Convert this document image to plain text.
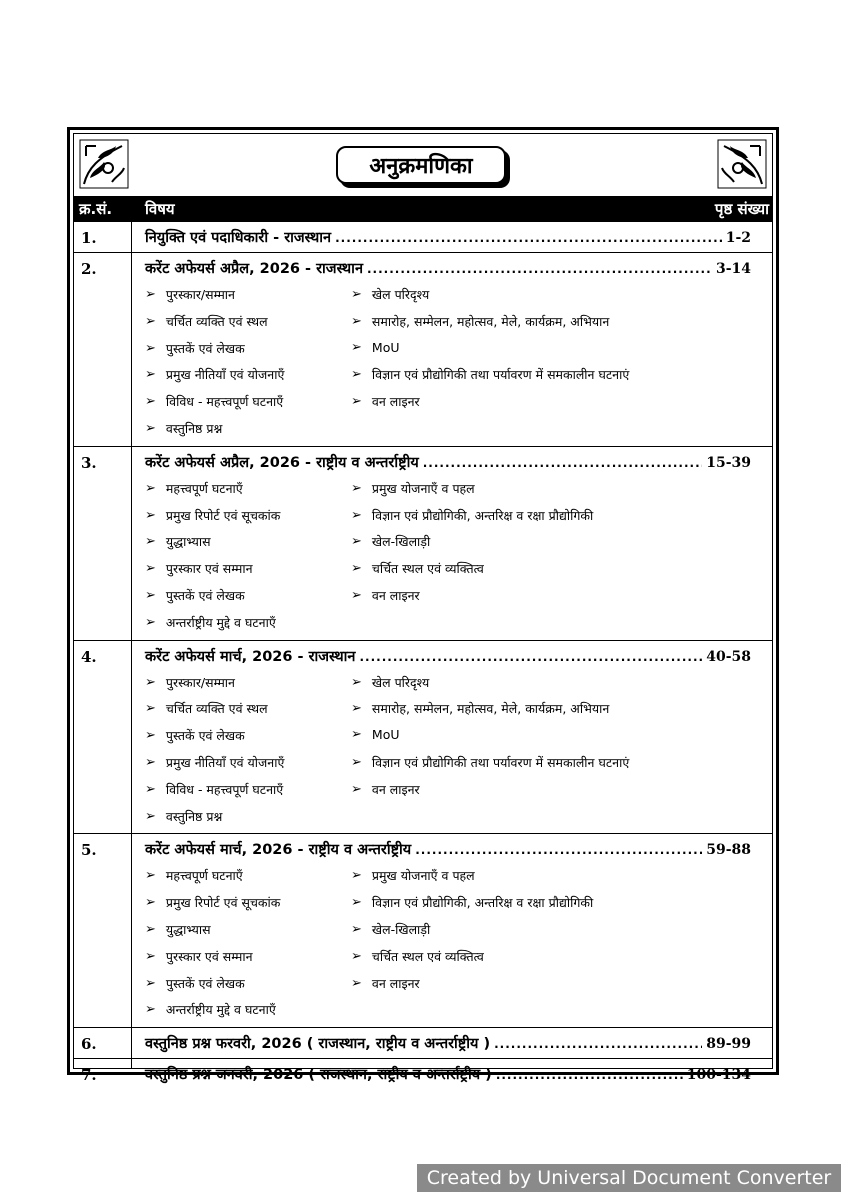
अनुक्रमणिका
क्र.सं. विषय	पृष्ठ संख्या
1.	नियुक्ति एवं पदाधिकारी - राजस्थान .....	1-2
2.	करेंट अफेयर्स अप्रैल, 2026 - राजस्थान .....	3-14
➢ पुरस्कार/सम्मान	➢ खेल परिदृश्य
➢ चर्चित व्यक्ति एवं स्थल	➢ समारोह, सम्मेलन, महोत्सव, मेले, कार्यक्रम, अभियान
➢ पुस्तकें एवं लेखक	➢ MoU
➢ प्रमुख नीतियाँ एवं योजनाएँ	➢ विज्ञान एवं प्रौद्योगिकी तथा पर्यावरण में समकालीन घटनाएं
➢ विविध - महत्त्वपूर्ण घटनाएँ	➢ वन लाइनर
➢ वस्तुनिष्ठ प्रश्न
3.	करेंट अफेयर्स अप्रैल, 2026 - राष्ट्रीय व अन्तर्राष्ट्रीय .....	15-39
➢ महत्त्वपूर्ण घटनाएँ	➢ प्रमुख योजनाएँ व पहल
➢ प्रमुख रिपोर्ट एवं सूचकांक	➢ विज्ञान एवं प्रौद्योगिकी, अन्तरिक्ष व रक्षा प्रौद्योगिकी
➢ युद्धाभ्यास	➢ खेल-खिलाड़ी
➢ पुरस्कार एवं सम्मान	➢ चर्चित स्थल एवं व्यक्तित्व
➢ पुस्तकें एवं लेखक	➢ वन लाइनर
➢ अन्तर्राष्ट्रीय मुद्दे व घटनाएँ
4.	करेंट अफेयर्स मार्च, 2026 - राजस्थान .....	40-58
➢ पुरस्कार/सम्मान	➢ खेल परिदृश्य
➢ चर्चित व्यक्ति एवं स्थल	➢ समारोह, सम्मेलन, महोत्सव, मेले, कार्यक्रम, अभियान
➢ पुस्तकें एवं लेखक	➢ MoU
➢ प्रमुख नीतियाँ एवं योजनाएँ	➢ विज्ञान एवं प्रौद्योगिकी तथा पर्यावरण में समकालीन घटनाएं
➢ विविध - महत्त्वपूर्ण घटनाएँ	➢ वन लाइनर
➢ वस्तुनिष्ठ प्रश्न
5.	करेंट अफेयर्स मार्च, 2026 - राष्ट्रीय व अन्तर्राष्ट्रीय .....	59-88
➢ महत्त्वपूर्ण घटनाएँ	➢ प्रमुख योजनाएँ व पहल
➢ प्रमुख रिपोर्ट एवं सूचकांक	➢ विज्ञान एवं प्रौद्योगिकी, अन्तरिक्ष व रक्षा प्रौद्योगिकी
➢ युद्धाभ्यास	➢ खेल-खिलाड़ी
➢ पुरस्कार एवं सम्मान	➢ चर्चित स्थल एवं व्यक्तित्व
➢ पुस्तकें एवं लेखक	➢ वन लाइनर
➢ अन्तर्राष्ट्रीय मुद्दे व घटनाएँ
6.	वस्तुनिष्ठ प्रश्न फरवरी, 2026 ( राजस्थान, राष्ट्रीय व अन्तर्राष्ट्रीय ) .....	89-99
7.	वस्तुनिष्ठ प्रश्न जनवरी, 2026 ( राजस्थान, राष्ट्रीय व अन्तर्राष्ट्रीय ) .....	100-134
Created by Universal Document Converter
